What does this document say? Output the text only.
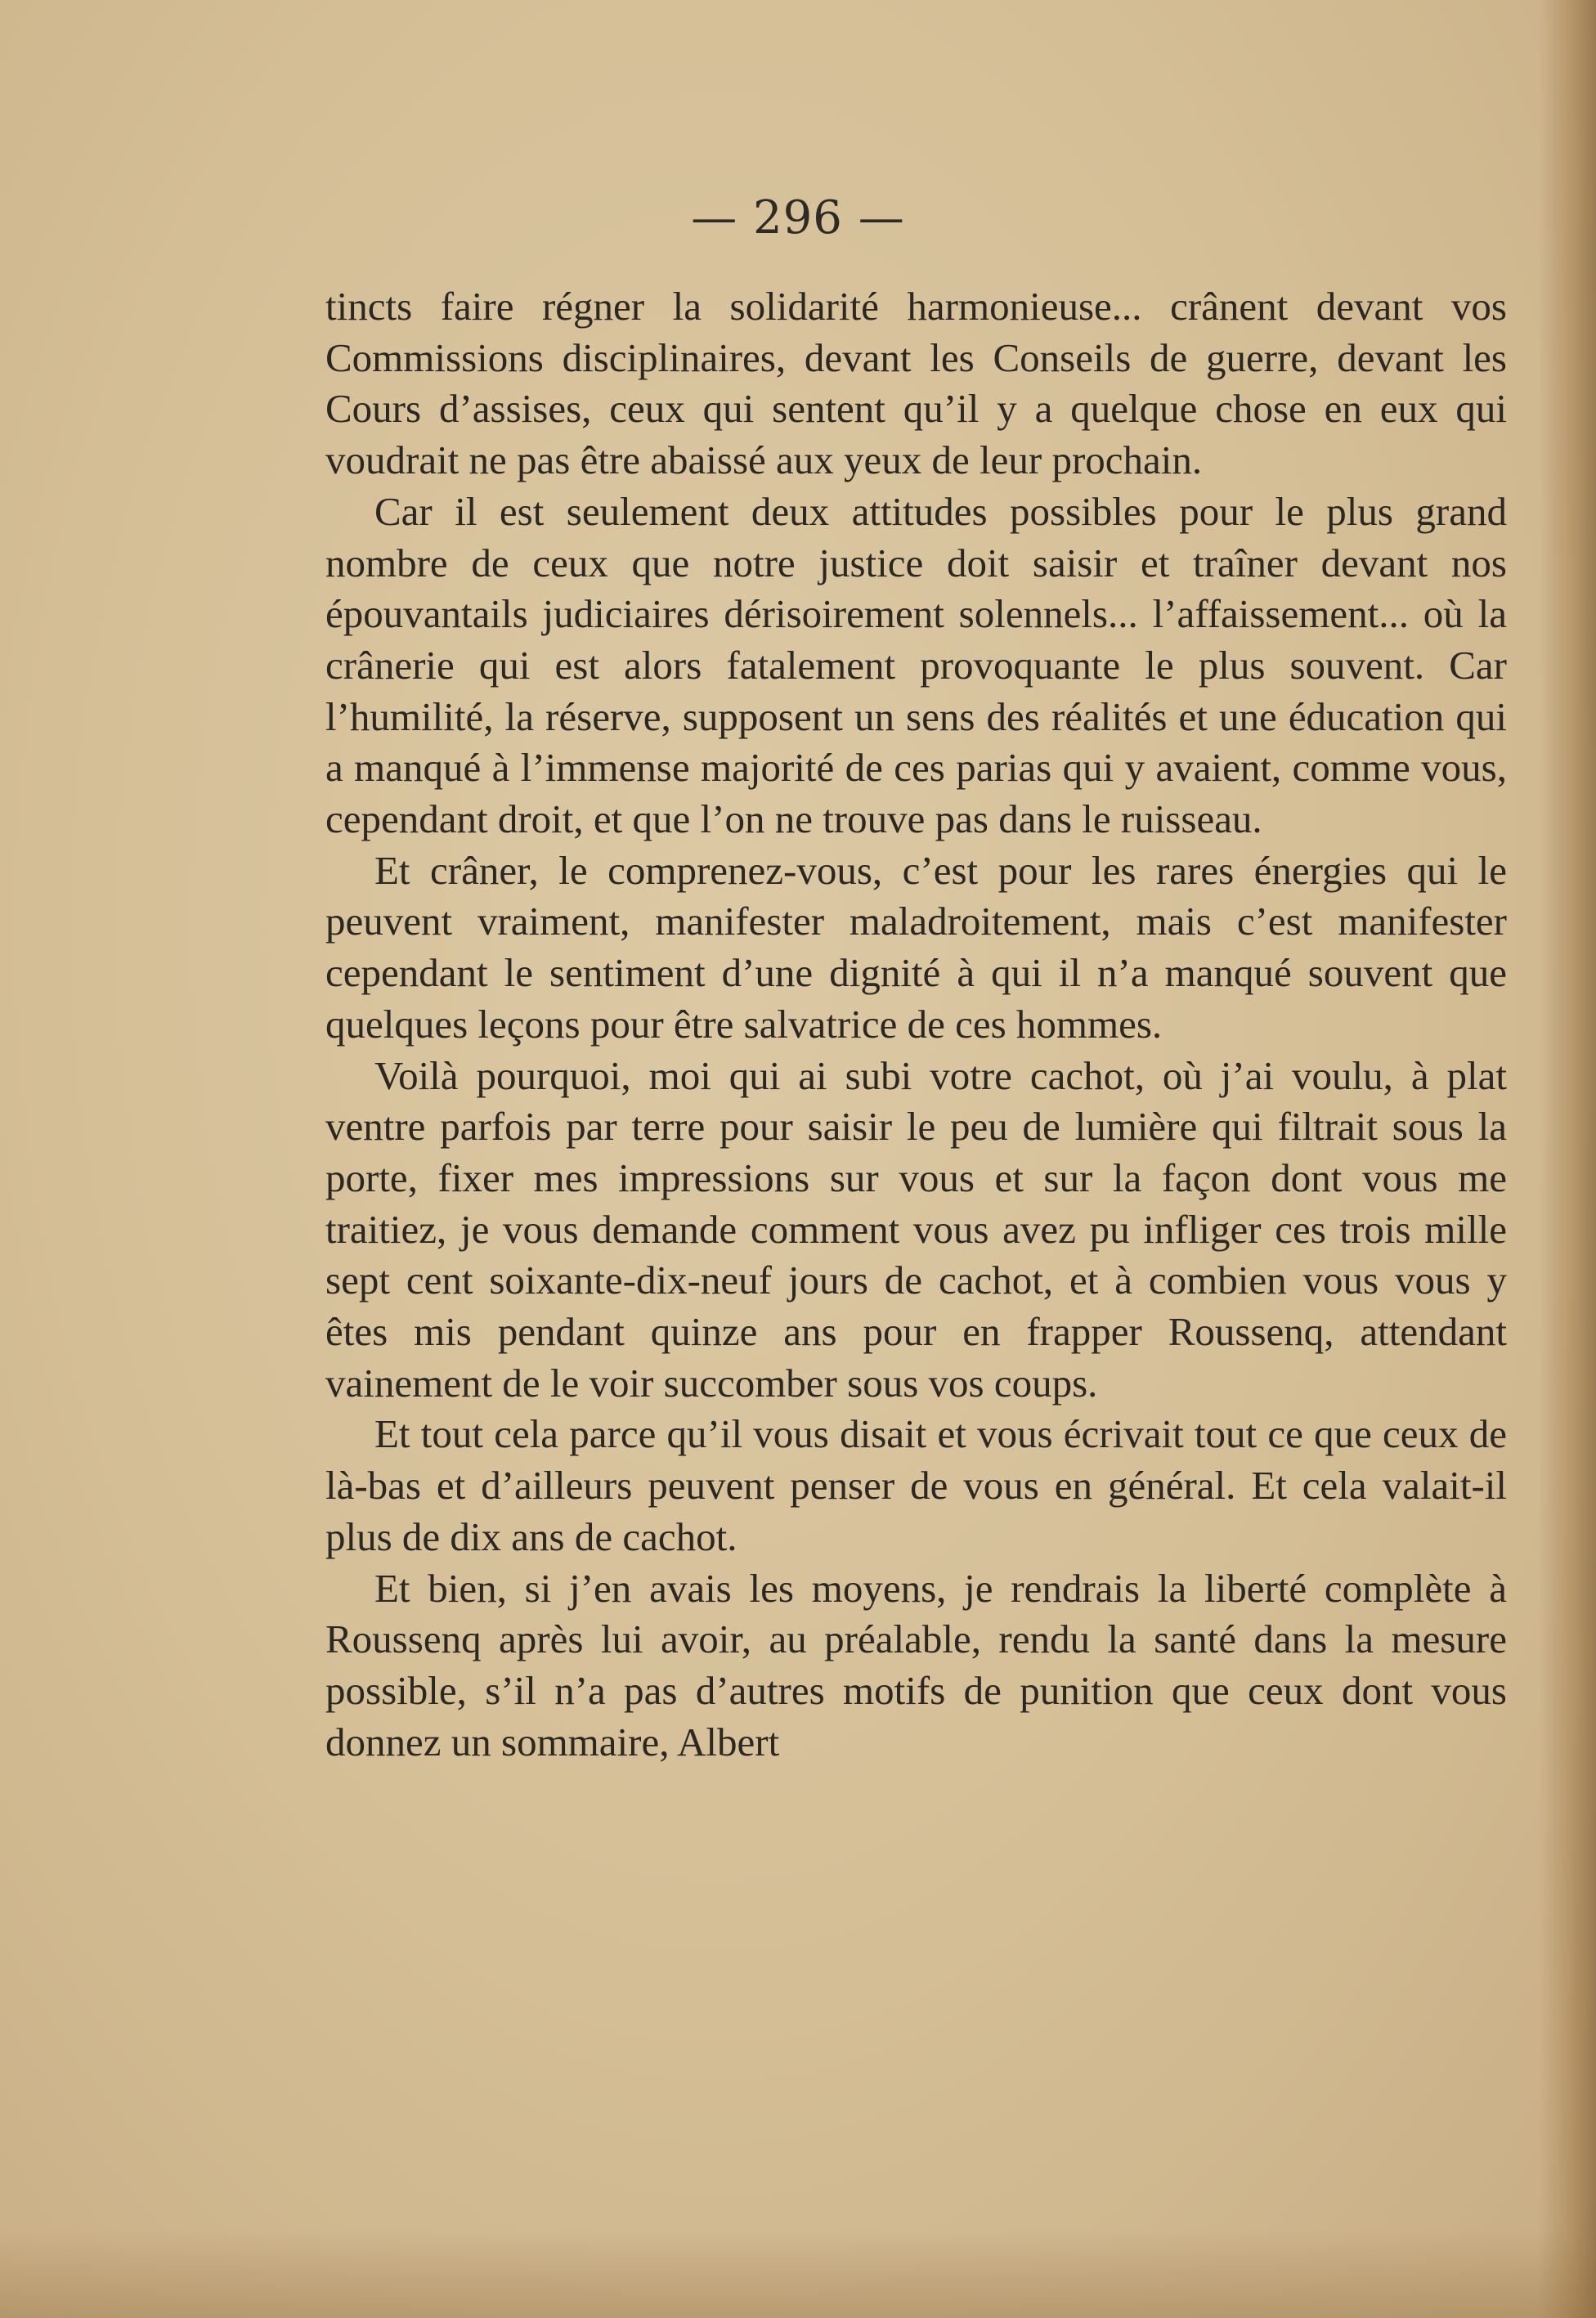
— 296 —

tincts faire régner la solidarité harmonieuse... crânent devant vos Commissions disciplinaires, devant les Conseils de guerre, devant les Cours d’assises, ceux qui sentent qu’il y a quelque chose en eux qui voudrait ne pas être abaissé aux yeux de leur prochain.

Car il est seulement deux attitudes possibles pour le plus grand nombre de ceux que notre justice doit saisir et traîner devant nos épouvantails judiciaires dérisoirement solennels... l’affaissement... où la crânerie qui est alors fatalement provoquante le plus souvent. Car l’humilité, la réserve, supposent un sens des réalités et une éducation qui a manqué à l’immense majorité de ces parias qui y avaient, comme vous, cependant droit, et que l’on ne trouve pas dans le ruisseau.

Et crâner, le comprenez-vous, c’est pour les rares énergies qui le peuvent vraiment, manifester maladroitement, mais c’est manifester cependant le sentiment d’une dignité à qui il n’a manqué souvent que quelques leçons pour être salvatrice de ces hommes.

Voilà pourquoi, moi qui ai subi votre cachot, où j’ai voulu, à plat ventre parfois par terre pour saisir le peu de lumière qui filtrait sous la porte, fixer mes impressions sur vous et sur la façon dont vous me traitiez, je vous demande comment vous avez pu infliger ces trois mille sept cent soixante-dix-neuf jours de cachot, et à combien vous vous y êtes mis pendant quinze ans pour en frapper Roussenq, attendant vainement de le voir succomber sous vos coups.

Et tout cela parce qu’il vous disait et vous écrivait tout ce que ceux de là-bas et d’ailleurs peuvent penser de vous en général. Et cela valait-il plus de dix ans de cachot.

Et bien, si j’en avais les moyens, je rendrais la liberté complète à Roussenq après lui avoir, au préalable, rendu la santé dans la mesure possible, s’il n’a pas d’autres motifs de punition que ceux dont vous donnez un sommaire, Albert
